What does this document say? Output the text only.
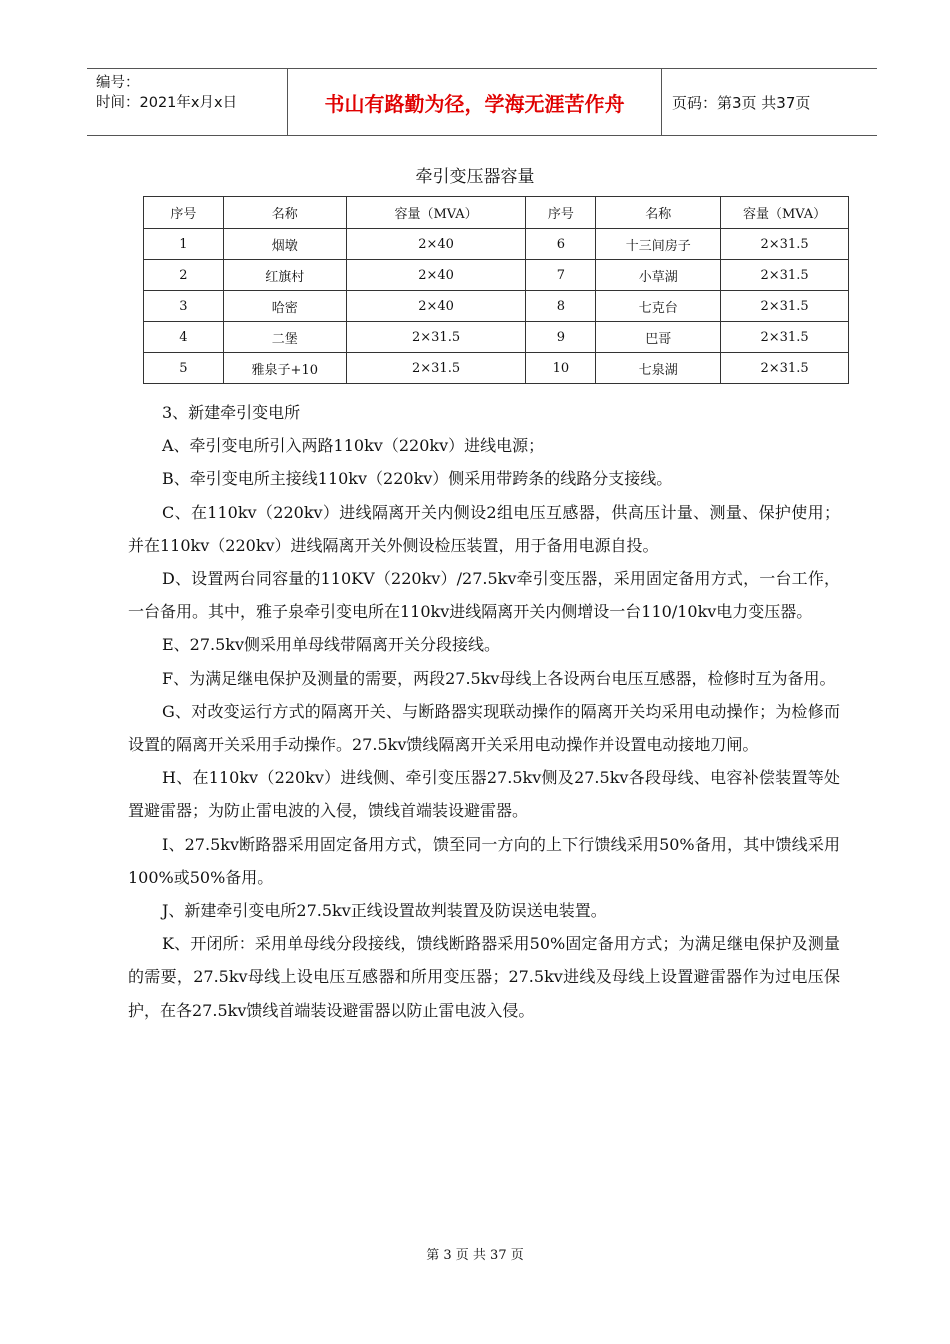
编号：
时间：2021年x月x日	书山有路勤为径，学海无涯苦作舟	页码：第3页 共37页
牵引变压器容量
序号	名称	容量（MVA）	序号	名称	容量（MVA）
1	烟墩	2×40	6	十三间房子	2×31.5
2	红旗村	2×40	7	小草湖	2×31.5
3	哈密	2×40	8	七克台	2×31.5
4	二堡	2×31.5	9	巴哥	2×31.5
5	雅泉子+10	2×31.5	10	七泉湖	2×31.5

3、新建牵引变电所

A、牵引变电所引入两路110kv（220kv）进线电源；

B、牵引变电所主接线110kv（220kv）侧采用带跨条的线路分支接线。

C、在110kv（220kv）进线隔离开关内侧设2组电压互感器，供高压计量、测量、保护使用；并在110kv（220kv）进线隔离开关外侧设检压装置，用于备用电源自投。

D、设置两台同容量的110KV（220kv）/27.5kv牵引变压器，采用固定备用方式，一台工作，一台备用。其中，雅子泉牵引变电所在110kv进线隔离开关内侧增设一台110/10kv电力变压器。

E、27.5kv侧采用单母线带隔离开关分段接线。

F、为满足继电保护及测量的需要，两段27.5kv母线上各设两台电压互感器，检修时互为备用。

G、对改变运行方式的隔离开关、与断路器实现联动操作的隔离开关均采用电动操作；为检修而设置的隔离开关采用手动操作。27.5kv馈线隔离开关采用电动操作并设置电动接地刀闸。

H、在110kv（220kv）进线侧、牵引变压器27.5kv侧及27.5kv各段母线、电容补偿装置等处置避雷器；为防止雷电波的入侵，馈线首端装设避雷器。

I、27.5kv断路器采用固定备用方式，馈至同一方向的上下行馈线采用50%备用，其中馈线采用100%或50%备用。

J、新建牵引变电所27.5kv正线设置故判装置及防误送电装置。

K、开闭所：采用单母线分段接线，馈线断路器采用50%固定备用方式；为满足继电保护及测量的需要，27.5kv母线上设电压互感器和所用变压器；27.5kv进线及母线上设置避雷器作为过电压保护，在各27.5kv馈线首端装设避雷器以防止雷电波入侵。

第 3 页 共 37 页
